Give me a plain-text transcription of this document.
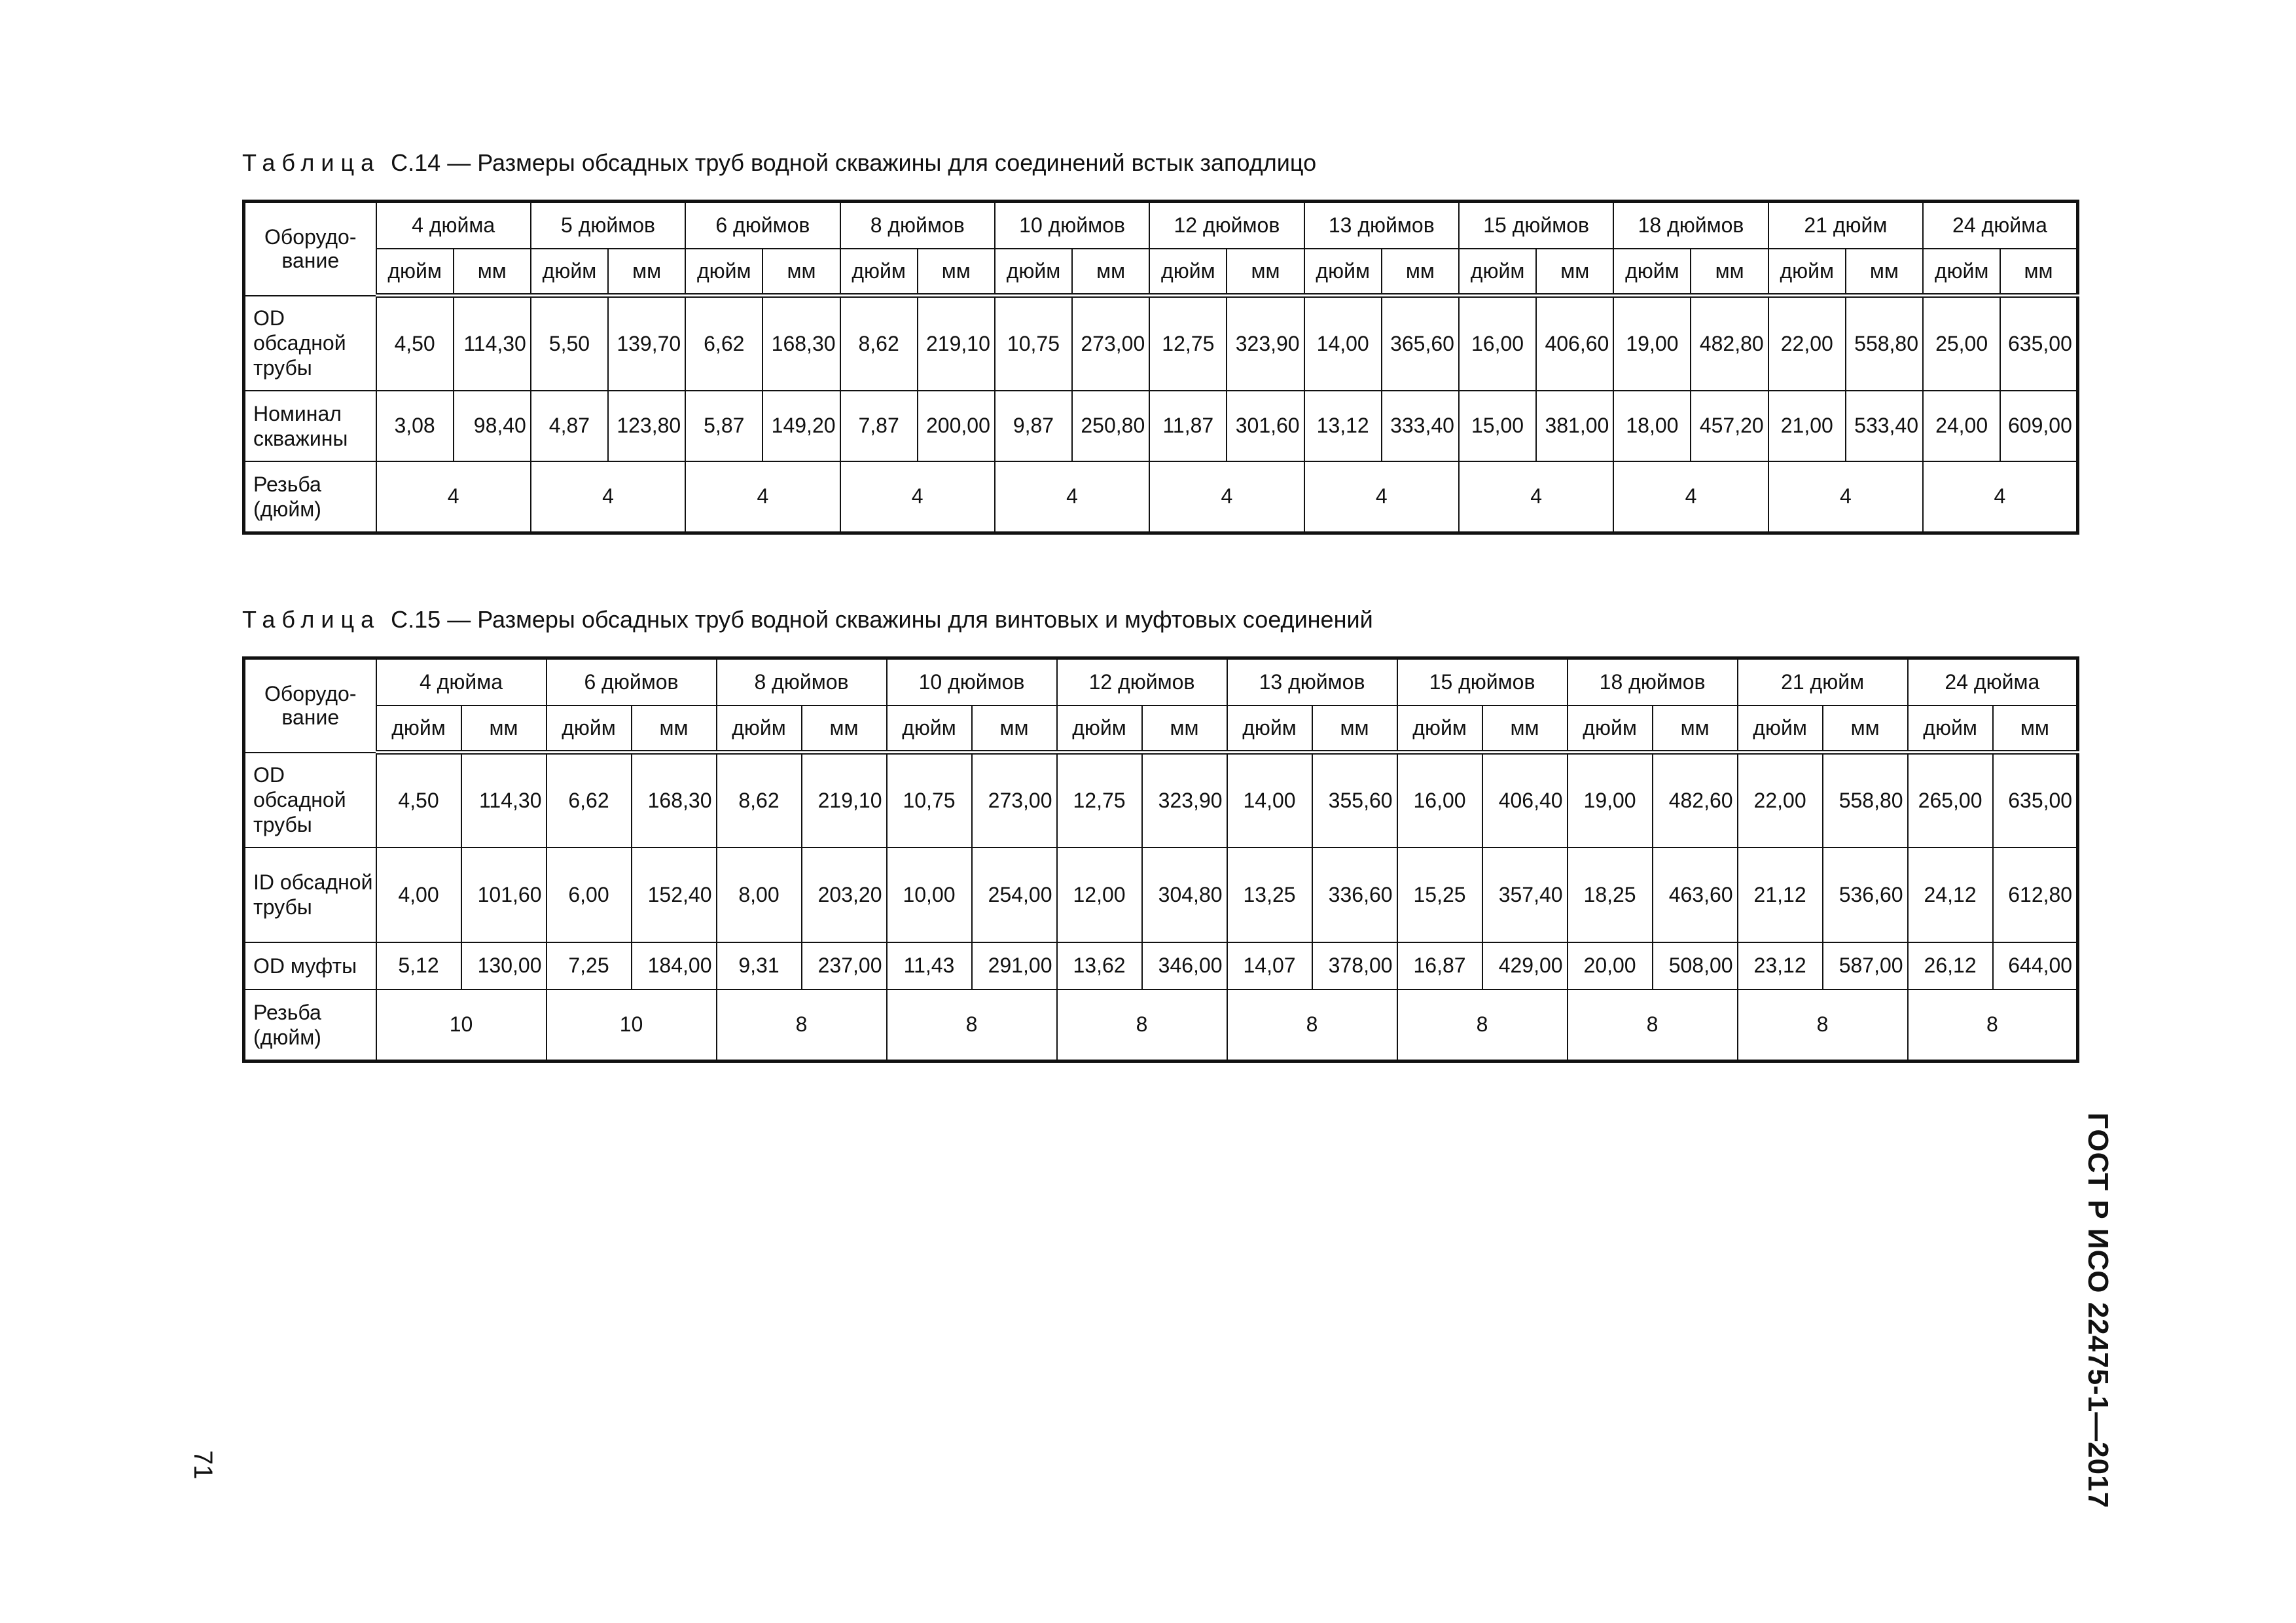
Таблица С.14 — Размеры обсадных труб водной скважины для соединений встык заподлицо
Оборудо-вание	4 дюйма		5 дюймов		6 дюймов		8 дюймов		10 дюймов		12 дюймов		13 дюймов		15 дюймов		18 дюймов		21 дюйм		24 дюйма	
	дюйм	мм	дюйм	мм	дюйм	мм	дюйм	мм	дюйм	мм	дюйм	мм	дюйм	мм	дюйм	мм	дюйм	мм	дюйм	мм	дюйм	мм
OD обсадной трубы	4,50	114,30	5,50	139,70	6,62	168,30	8,62	219,10	10,75	273,00	12,75	323,90	14,00	365,60	16,00	406,60	19,00	482,80	22,00	558,80	25,00	635,00
Номинал скважины	3,08	98,40	4,87	123,80	5,87	149,20	7,87	200,00	9,87	250,80	11,87	301,60	13,12	333,40	15,00	381,00	18,00	457,20	21,00	533,40	24,00	609,00
Резьба (дюйм)	4		4		4		4		4		4		4		4		4		4		4	
Таблица С.15 — Размеры обсадных труб водной скважины для винтовых и муфтовых соединений
Оборудо-вание	4 дюйма		6 дюймов		8 дюймов		10 дюймов		12 дюймов		13 дюймов		15 дюймов		18 дюймов		21 дюйм		24 дюйма	
	дюйм	мм	дюйм	мм	дюйм	мм	дюйм	мм	дюйм	мм	дюйм	мм	дюйм	мм	дюйм	мм	дюйм	мм	дюйм	мм
OD обсадной трубы	4,50	114,30	6,62	168,30	8,62	219,10	10,75	273,00	12,75	323,90	14,00	355,60	16,00	406,40	19,00	482,60	22,00	558,80	265,00	635,00
ID обсадной трубы	4,00	101,60	6,00	152,40	8,00	203,20	10,00	254,00	12,00	304,80	13,25	336,60	15,25	357,40	18,25	463,60	21,12	536,60	24,12	612,80
OD муфты	5,12	130,00	7,25	184,00	9,31	237,00	11,43	291,00	13,62	346,00	14,07	378,00	16,87	429,00	20,00	508,00	23,12	587,00	26,12	644,00
Резьба (дюйм)	10		10		8		8		8		8		8		8		8		8	
ГОСТ Р ИСО 22475-1—2017
71
